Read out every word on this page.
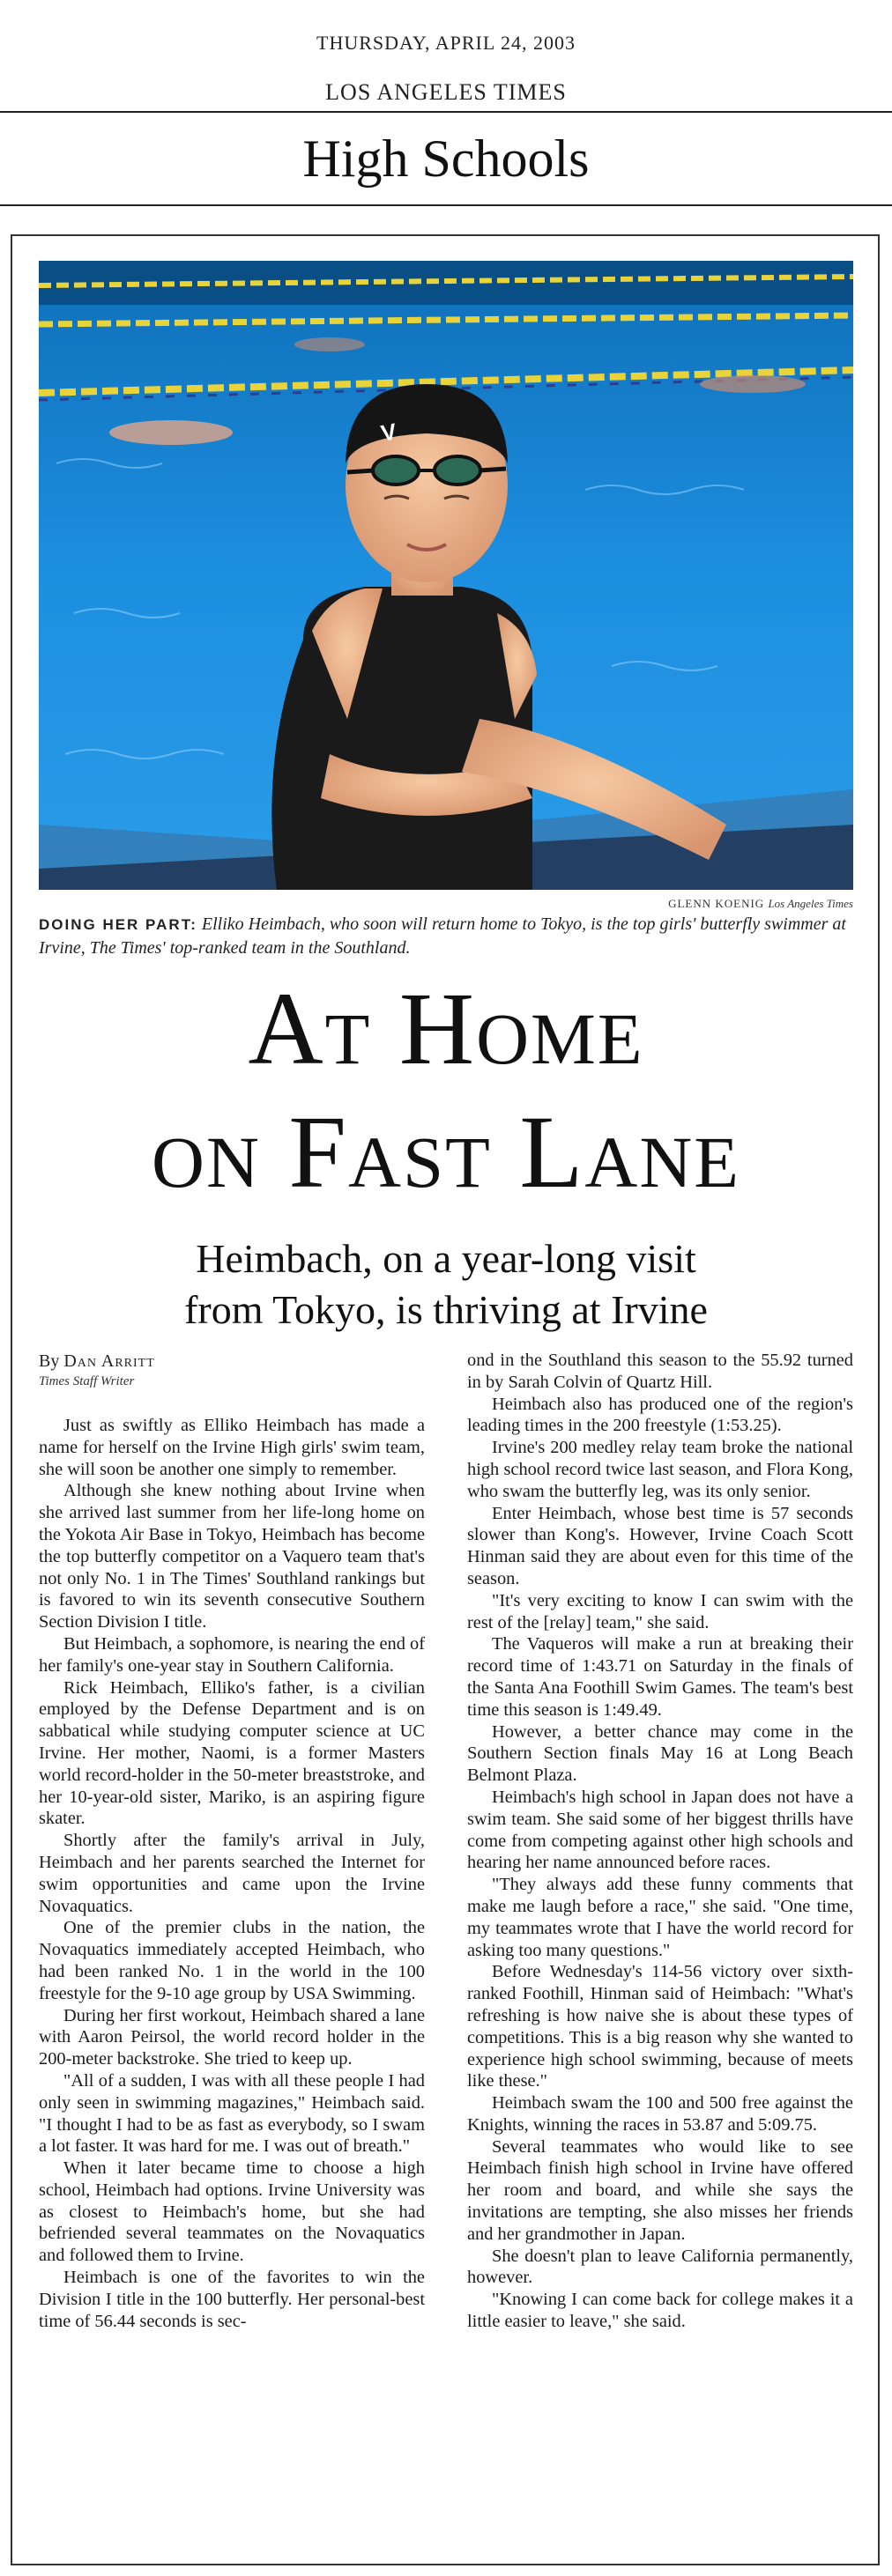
THURSDAY, APRIL 24, 2003
LOS ANGELES TIMES
High Schools
V
GLENN KOENIG Los Angeles Times
DOING HER PART: Elliko Heimbach, who soon will return home to Tokyo, is the top girls' butterfly swimmer at Irvine, The Times' top-ranked team in the Southland.
At Home
on Fast Lane
Heimbach, on a year-long visit
from Tokyo, is thriving at Irvine
By Dan Arritt
Times Staff Writer

Just as swiftly as Elliko Heimbach has made a name for herself on the Irvine High girls' swim team, she will soon be another one simply to remember.

Although she knew nothing about Irvine when she arrived last summer from her life-long home on the Yokota Air Base in Tokyo, Heimbach has become the top butterfly competitor on a Vaquero team that's not only No. 1 in The Times' Southland rankings but is favored to win its seventh consecutive Southern Section Division I title.

But Heimbach, a sophomore, is nearing the end of her family's one-year stay in Southern California.

Rick Heimbach, Elliko's father, is a civilian employed by the Defense Department and is on sabbatical while studying computer science at UC Irvine. Her mother, Naomi, is a former Masters world record-holder in the 50-meter breaststroke, and her 10-year-old sister, Mariko, is an aspiring figure skater.

Shortly after the family's arrival in July, Heimbach and her parents searched the Internet for swim opportunities and came upon the Irvine Novaquatics.

One of the premier clubs in the nation, the Novaquatics immediately accepted Heimbach, who had been ranked No. 1 in the world in the 100 freestyle for the 9-10 age group by USA Swimming.

During her first workout, Heimbach shared a lane with Aaron Peirsol, the world record holder in the 200-meter backstroke. She tried to keep up.

"All of a sudden, I was with all these people I had only seen in swimming magazines," Heimbach said. "I thought I had to be as fast as everybody, so I swam a lot faster. It was hard for me. I was out of breath."

When it later became time to choose a high school, Heimbach had options. Irvine University was as closest to Heimbach's home, but she had befriended several teammates on the Novaquatics and followed them to Irvine.

Heimbach is one of the favorites to win the Division I title in the 100 butterfly. Her personal-best time of 56.44 seconds is sec-

ond in the Southland this season to the 55.92 turned in by Sarah Colvin of Quartz Hill.

Heimbach also has produced one of the region's leading times in the 200 freestyle (1:53.25).

Irvine's 200 medley relay team broke the national high school record twice last season, and Flora Kong, who swam the butterfly leg, was its only senior.

Enter Heimbach, whose best time is 57 seconds slower than Kong's. However, Irvine Coach Scott Hinman said they are about even for this time of the season.

"It's very exciting to know I can swim with the rest of the [relay] team," she said.

The Vaqueros will make a run at breaking their record time of 1:43.71 on Saturday in the finals of the Santa Ana Foothill Swim Games. The team's best time this season is 1:49.49.

However, a better chance may come in the Southern Section finals May 16 at Long Beach Belmont Plaza.

Heimbach's high school in Japan does not have a swim team. She said some of her biggest thrills have come from competing against other high schools and hearing her name announced before races.

"They always add these funny comments that make me laugh before a race," she said. "One time, my teammates wrote that I have the world record for asking too many questions."

Before Wednesday's 114-56 victory over sixth-ranked Foothill, Hinman said of Heimbach: "What's refreshing is how naive she is about these types of competitions. This is a big reason why she wanted to experience high school swimming, because of meets like these."

Heimbach swam the 100 and 500 free against the Knights, winning the races in 53.87 and 5:09.75.

Several teammates who would like to see Heimbach finish high school in Irvine have offered her room and board, and while she says the invitations are tempting, she also misses her friends and her grandmother in Japan.

She doesn't plan to leave California permanently, however.

"Knowing I can come back for college makes it a little easier to leave," she said.
